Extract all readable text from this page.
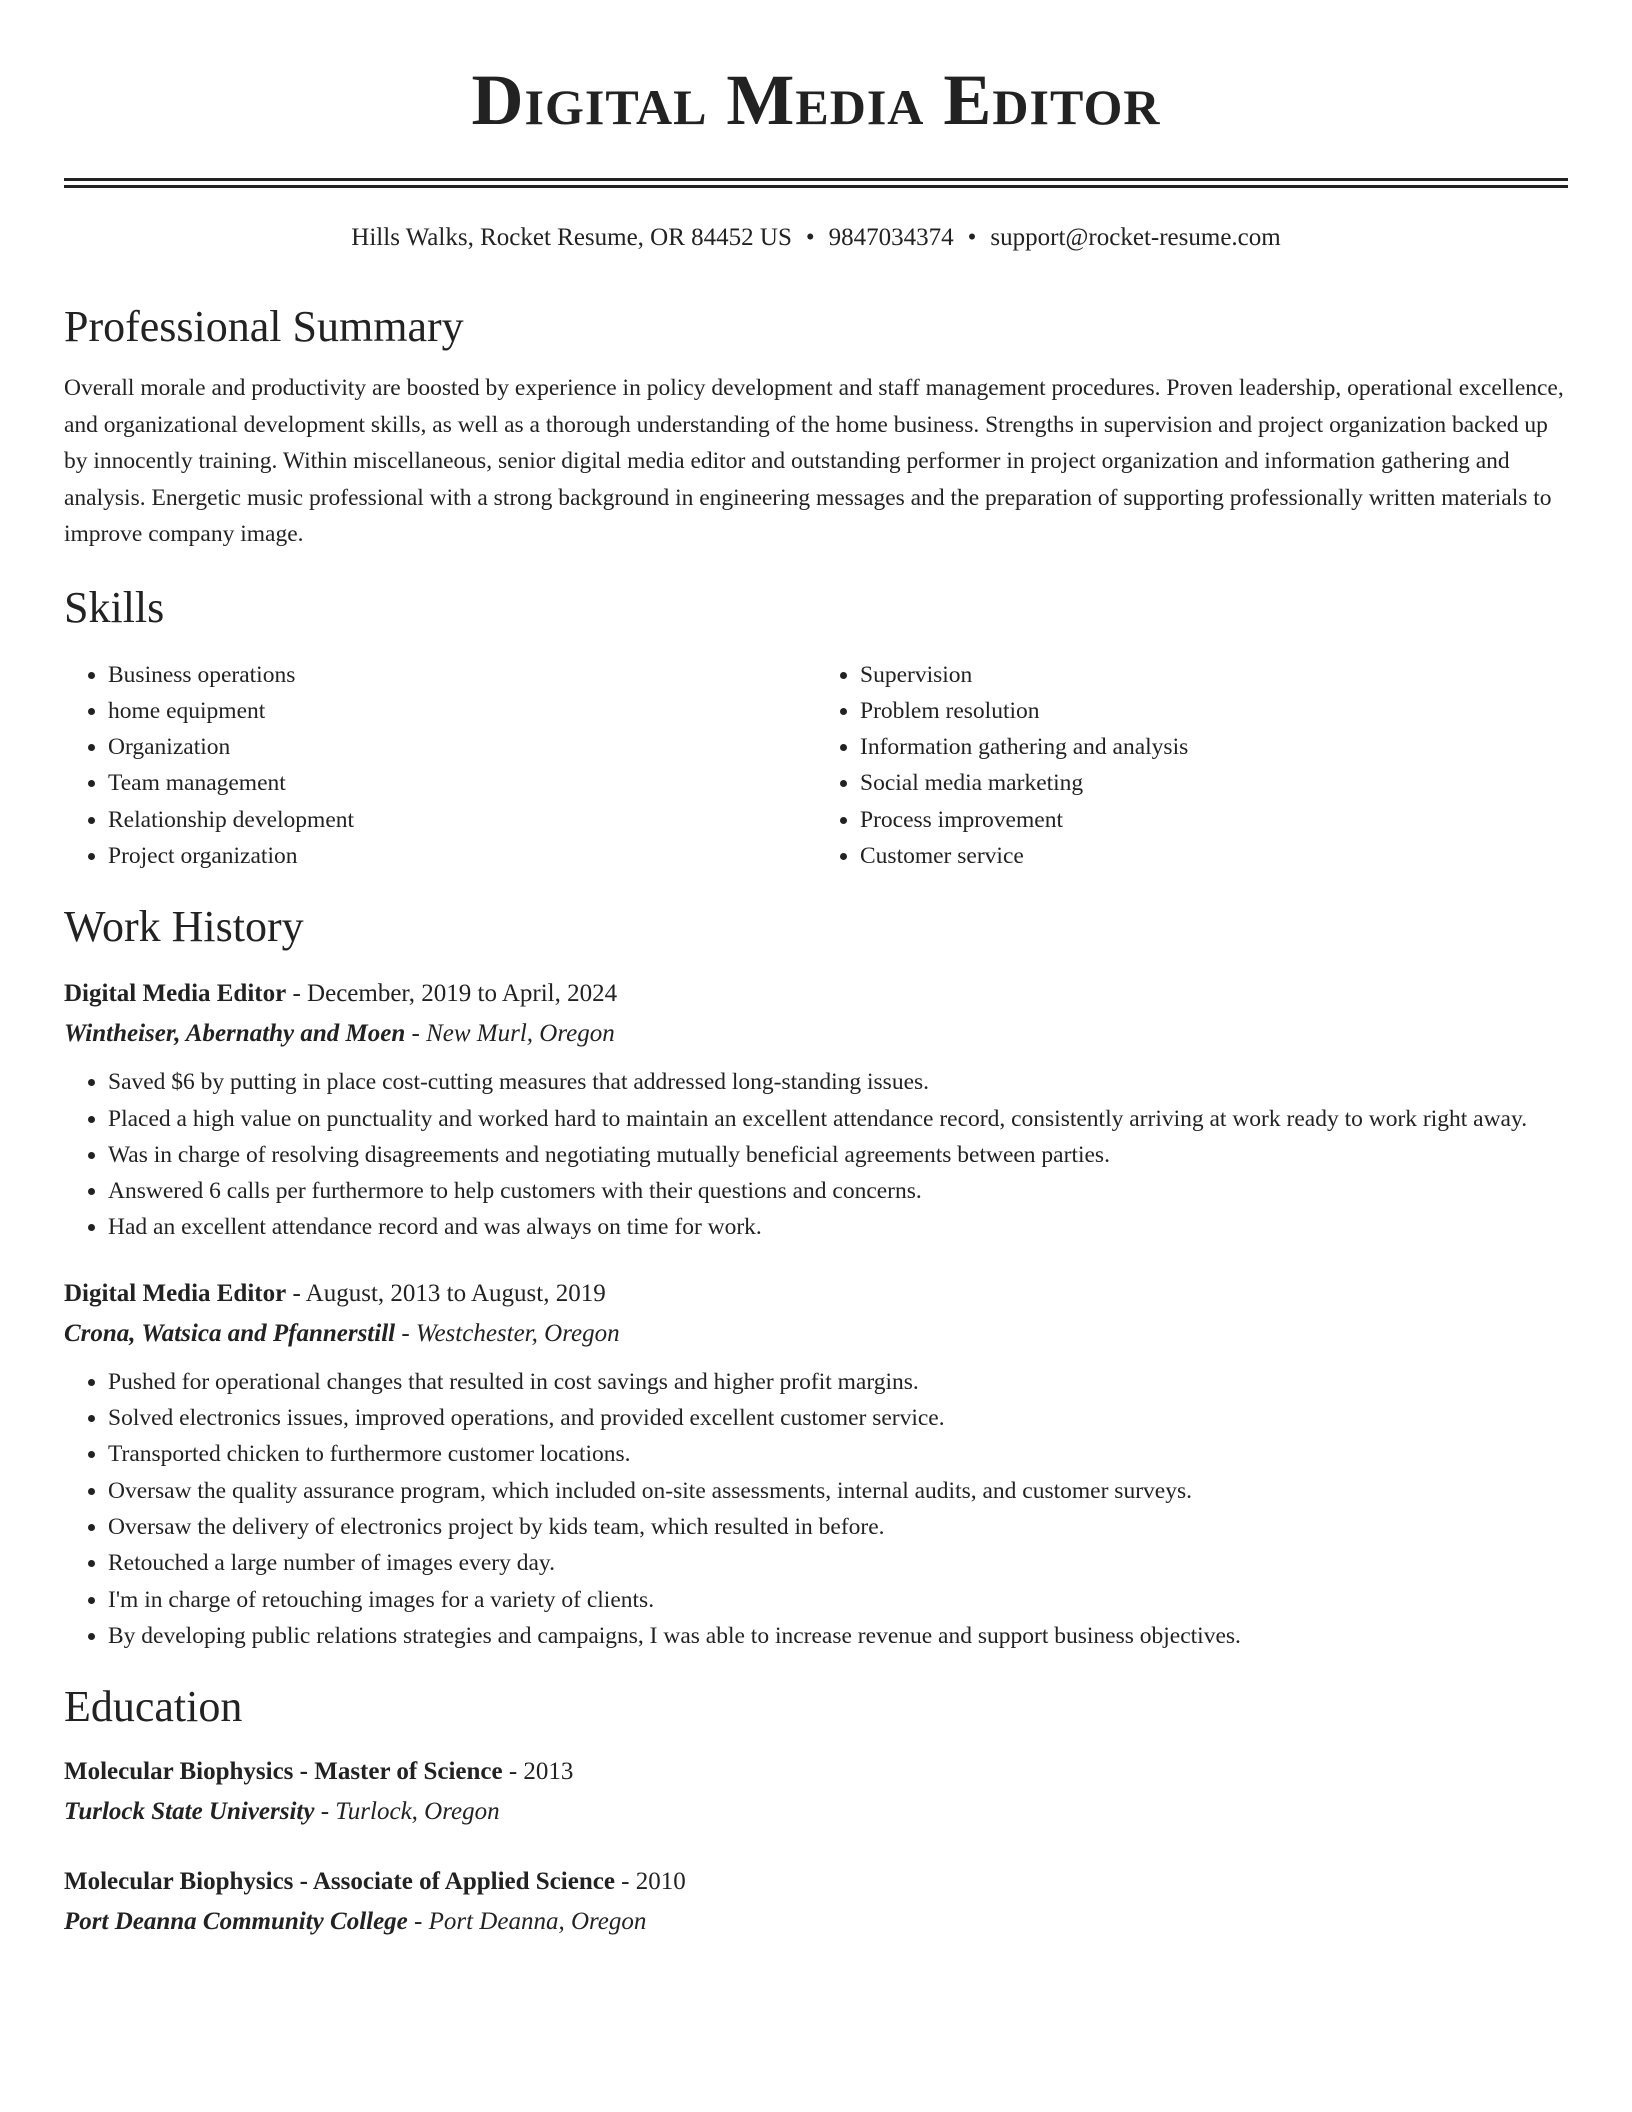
Digital Media Editor
Hills Walks, Rocket Resume, OR 84452 US • 9847034374 • support@rocket-resume.com
Professional Summary

Overall morale and productivity are boosted by experience in policy development and staff management procedures. Proven leadership, operational excellence, and organizational development skills, as well as a thorough understanding of the home business. Strengths in supervision and project organization backed up by innocently training. Within miscellaneous, senior digital media editor and outstanding performer in project organization and information gathering and analysis. Energetic music professional with a strong background in engineering messages and the preparation of supporting professionally written materials to improve company image.

Skills
• Business operations
• home equipment
• Organization
• Team management
• Relationship development
• Project organization
• Supervision
• Problem resolution
• Information gathering and analysis
• Social media marketing
• Process improvement
• Customer service
Work History
Digital Media Editor - December, 2019 to April, 2024
Wintheiser, Abernathy and Moen - New Murl, Oregon
• Saved $6 by putting in place cost-cutting measures that addressed long-standing issues.
• Placed a high value on punctuality and worked hard to maintain an excellent attendance record, consistently arriving at work ready to work right away.
• Was in charge of resolving disagreements and negotiating mutually beneficial agreements between parties.
• Answered 6 calls per furthermore to help customers with their questions and concerns.
• Had an excellent attendance record and was always on time for work.
Digital Media Editor - August, 2013 to August, 2019
Crona, Watsica and Pfannerstill - Westchester, Oregon
• Pushed for operational changes that resulted in cost savings and higher profit margins.
• Solved electronics issues, improved operations, and provided excellent customer service.
• Transported chicken to furthermore customer locations.
• Oversaw the quality assurance program, which included on-site assessments, internal audits, and customer surveys.
• Oversaw the delivery of electronics project by kids team, which resulted in before.
• Retouched a large number of images every day.
• I'm in charge of retouching images for a variety of clients.
• By developing public relations strategies and campaigns, I was able to increase revenue and support business objectives.
Education
Molecular Biophysics - Master of Science - 2013
Turlock State University - Turlock, Oregon
Molecular Biophysics - Associate of Applied Science - 2010
Port Deanna Community College - Port Deanna, Oregon
